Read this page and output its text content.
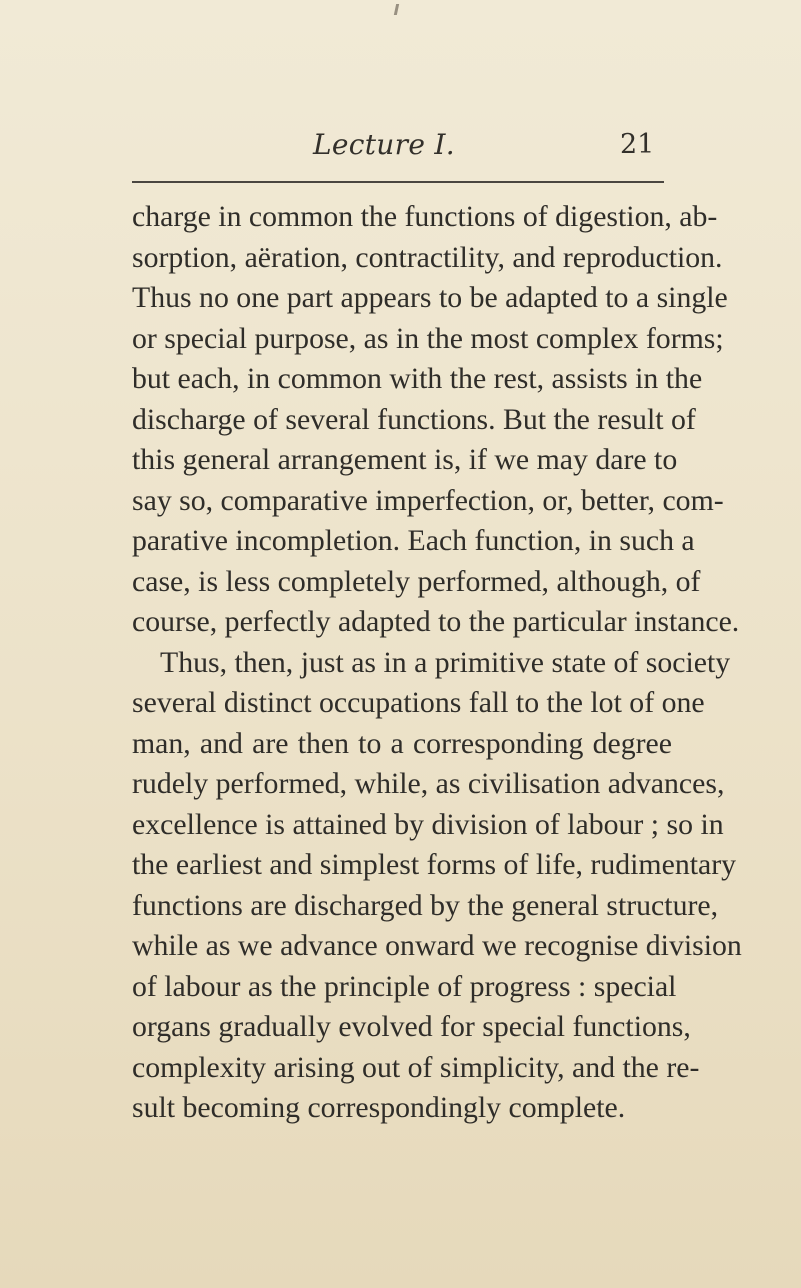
Lecture I.	21
charge in common the functions of digestion, ab-
sorption, aëration, contractility, and reproduction.
Thus no one part appears to be adapted to a single
or special purpose, as in the most complex forms;
but each, in common with the rest, assists in the
discharge of several functions. But the result of
this general arrangement is, if we may dare to
say so, comparative imperfection, or, better, com-
parative incompletion. Each function, in such a
case, is less completely performed, although, of
course, perfectly adapted to the particular instance.
Thus, then, just as in a primitive state of society
several distinct occupations fall to the lot of one
man, and are then to a corresponding degree
rudely performed, while, as civilisation advances,
excellence is attained by division of labour ; so in
the earliest and simplest forms of life, rudimentary
functions are discharged by the general structure,
while as we advance onward we recognise division
of labour as the principle of progress : special
organs gradually evolved for special functions,
complexity arising out of simplicity, and the re-
sult becoming correspondingly complete.
